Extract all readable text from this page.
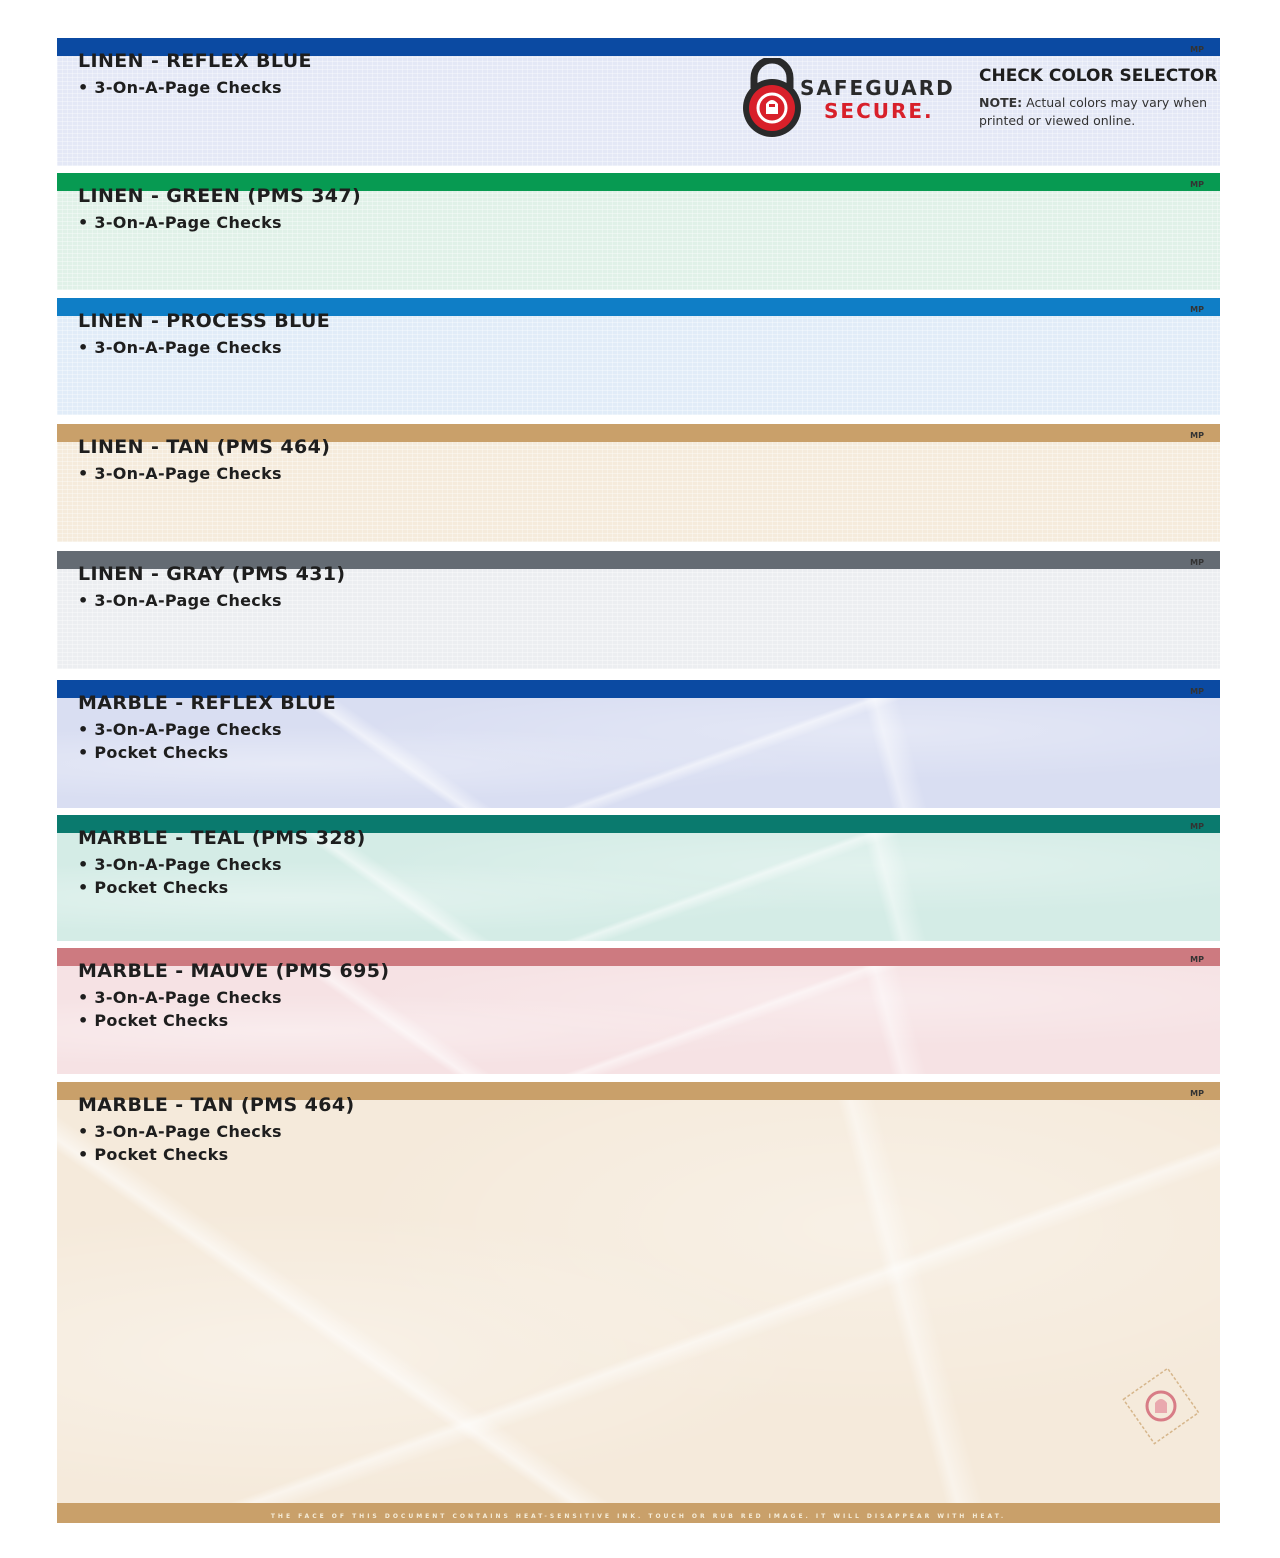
LINEN - REFLEX BLUE
• 3-On-A-Page Checks
MP
SAFEGUARD
SECURE.
CHECK COLOR SELECTOR
NOTE: Actual colors may vary when printed or viewed online.
LINEN - GREEN (PMS 347)
• 3-On-A-Page Checks
MP
LINEN - PROCESS BLUE
• 3-On-A-Page Checks
MP
LINEN - TAN (PMS 464)
• 3-On-A-Page Checks
MP
LINEN - GRAY (PMS 431)
• 3-On-A-Page Checks
MP
MARBLE - REFLEX BLUE
• 3-On-A-Page Checks
• Pocket Checks
MP
MARBLE - TEAL (PMS 328)
• 3-On-A-Page Checks
• Pocket Checks
MP
MARBLE - MAUVE (PMS 695)
• 3-On-A-Page Checks
• Pocket Checks
MP
MARBLE - TAN (PMS 464)
• 3-On-A-Page Checks
• Pocket Checks
MP
THE FACE OF THIS DOCUMENT CONTAINS HEAT-SENSITIVE INK. TOUCH OR RUB RED IMAGE. IT WILL DISAPPEAR WITH HEAT.
